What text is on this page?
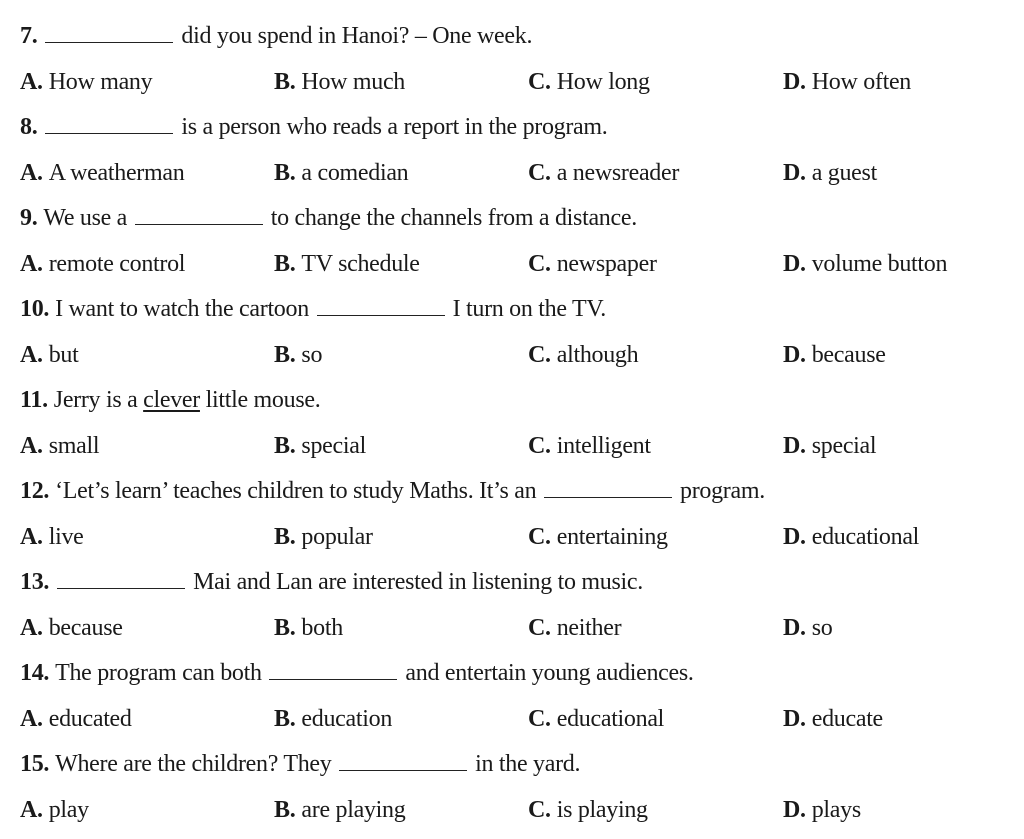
7.	did you spend in Hanoi? – One week.
A. How many	B. How much	C. How long	D. How often
8.	is a person who reads a report in the program.
A. A weatherman	B. a comedian	C. a newsreader	D. a guest
9. We use a	to change the channels from a distance.
A. remote control	B. TV schedule	C. newspaper	D. volume button
10. I want to watch the cartoon	I turn on the TV.
A. but	B. so	C. although	D. because
11. Jerry is a clever little mouse.
A. small	B. special	C. intelligent	D. special
12. ‘Let’s learn’ teaches children to study Maths. It’s an	program.
A. live	B. popular	C. entertaining	D. educational
13.	Mai and Lan are interested in listening to music.
A. because	B. both	C. neither	D. so
14. The program can both	and entertain young audiences.
A. educated	B. education	C. educational	D. educate
15. Where are the children? They	in the yard.
A. play	B. are playing	C. is playing	D. plays
